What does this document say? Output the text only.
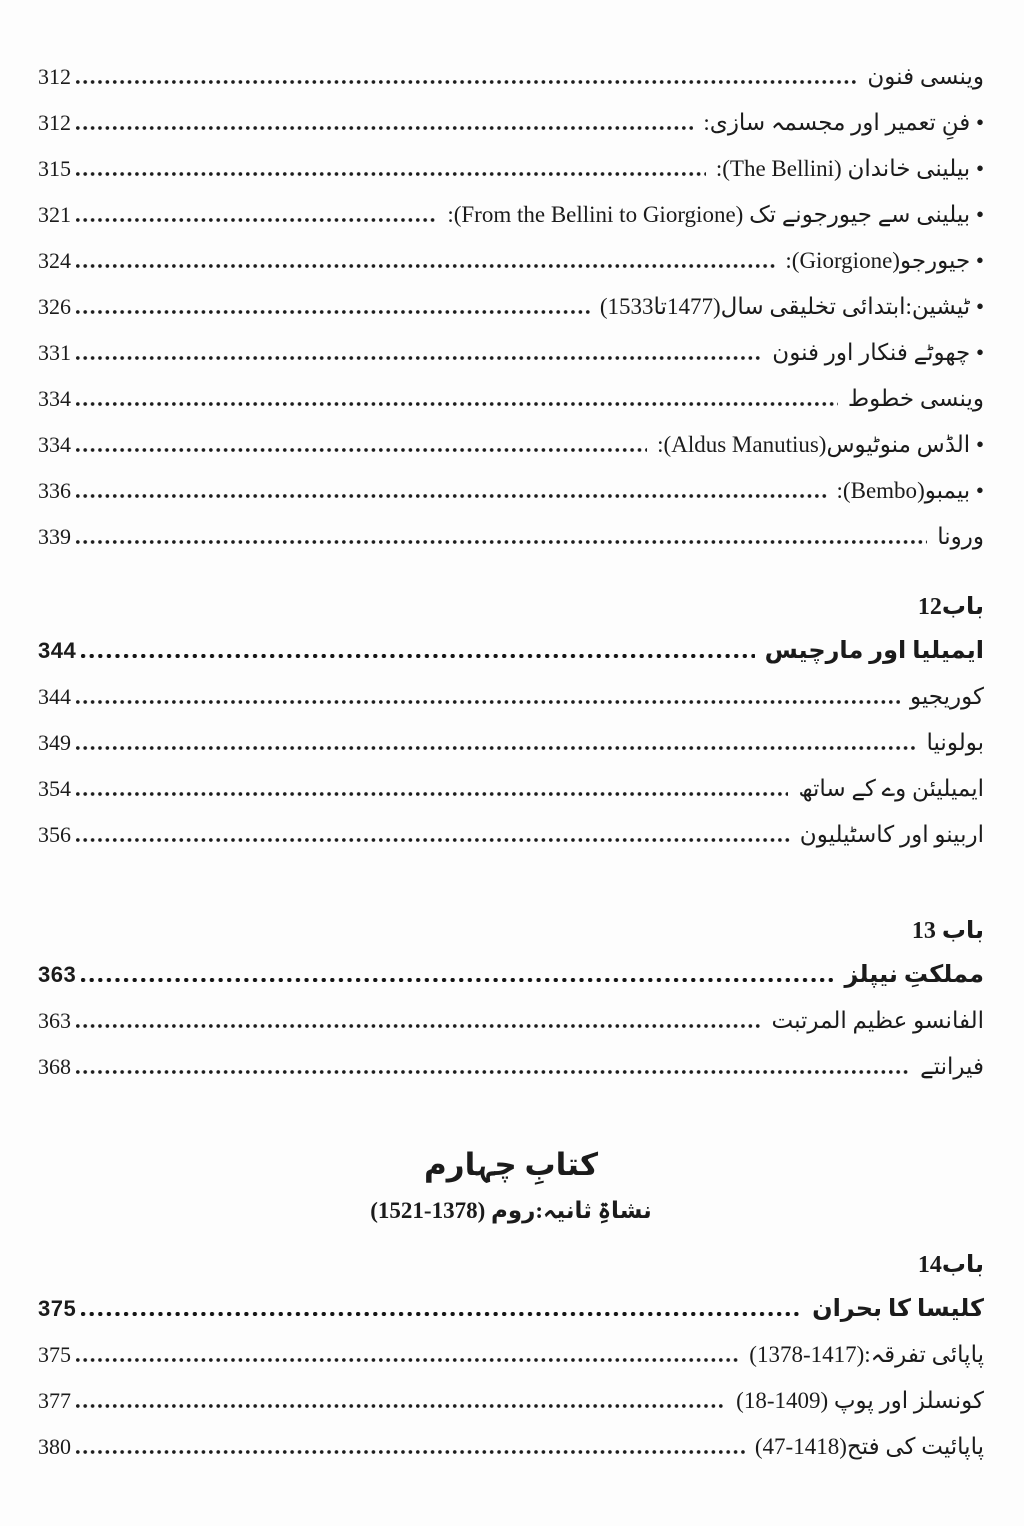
312	وینسی فنون
312	• فنِ تعمیر اور مجسمہ سازی:
315	• بیلینی خاندان (The Bellini):
321	• بیلینی سے جیورجونے تک (From the Bellini to Giorgione):
324	• جیورجو(Giorgione):
326	• ٹیشین:ابتدائی تخلیقی سال(1477تا1533)
331	• چھوٹے فنکار اور فنون
334	وینسی خطوط
334	• الڈس منوٹیوس(Aldus Manutius):
336	• بیمبو(Bembo):
339	ورونا
باب12
344	ایمیلیا اور مارچیس
344	کوریجیو
349	بولونیا
354	ایمیلیئن وے کے ساتھ
356	اربینو اور کاسٹیلیون
باب 13
363	مملکتِ نیپلز
363	الفانسو عظیم المرتبت
368	فیرانتے
کتابِ چہارم
نشاۃِ ثانیہ:روم (1378-1521)
باب14
375	کلیسا کا بحران
375	پاپائی تفرقہ:(1417-1378)
377	کونسلز اور پوپ (1409-18)
380	پاپائیت کی فتح(1418-47)
